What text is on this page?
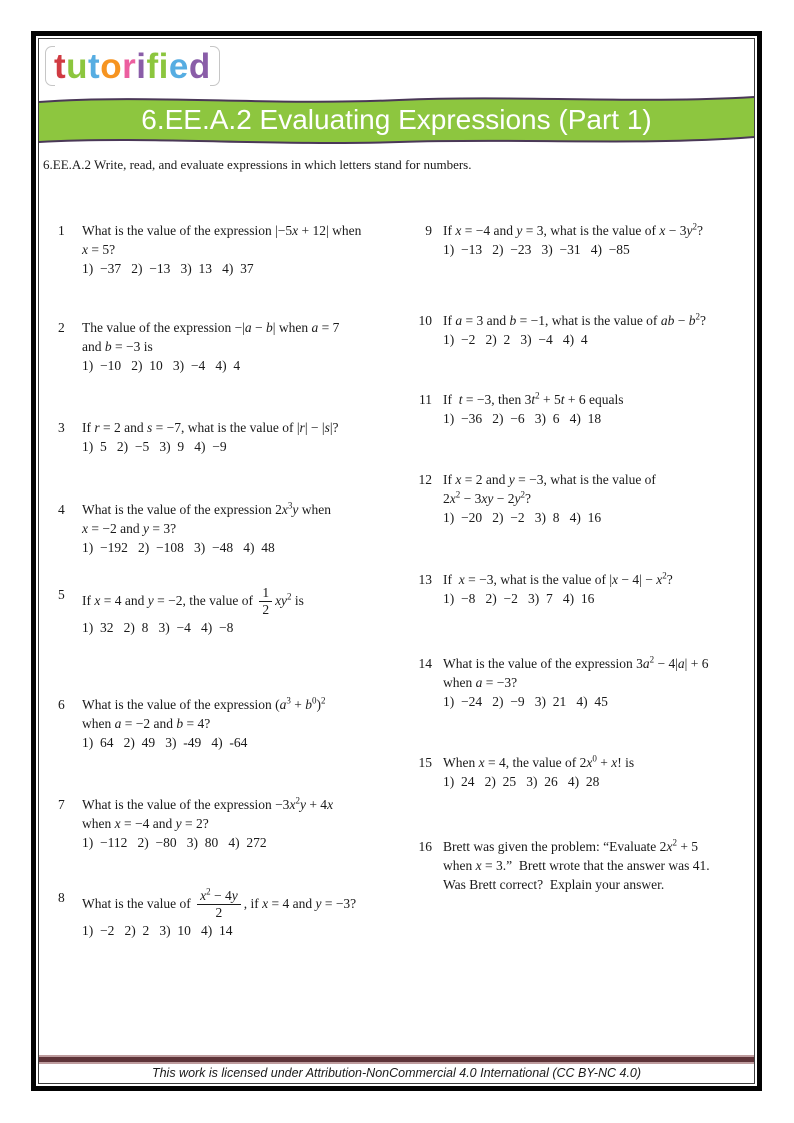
tutorified
6.EE.A.2 Evaluating Expressions (Part 1)
6.EE.A.2 Write, read, and evaluate expressions in which letters stand for numbers.
1	What is the value of the expression |−5x + 12| when
x = 5?
1)  −37   2)  −13   3)  13   4)  37
2	The value of the expression −|a − b| when a = 7
and b = −3 is
1)  −10   2)  10   3)  −4   4)  4
3	If r = 2 and s = −7, what is the value of |r| − |s|?
1)  5   2)  −5   3)  9   4)  −9
4	What is the value of the expression $2x^3y$ when
x = −2 and y = 3?
1)  −192   2)  −108   3)  −48   4)  48
5	If x = 4 and y = −2, the value of $\frac{1}{2} xy^2$ is
1)  32   2)  8   3)  −4   4)  −8
6	What is the value of the expression $(a^3 + b^0)^2$
when a = −2 and b = 4?
1)  64   2)  49   3)  -49   4)  -64
7	What is the value of the expression $-3x^2y + 4x$
when x = −4 and y = 2?
1)  −112   2)  −80   3)  80   4)  272
8	What is the value of $\frac{x^2 - 4y}{2}$ , if x = 4 and y = −3?
1)  −2   2)  2   3)  10   4)  14
9 If x = −4 and y = 3, what is the value of $x - 3y^2$?
1)  −13   2)  −23   3)  −31   4)  −85
10 If a = 3 and b = −1, what is the value of ab − $b^2$?
1)  −2   2)  2   3)  −4   4)  4
11 If  t = −3, then $3t^2 + 5t + 6$ equals
1)  −36   2)  −6   3)  6   4)  18
12 If x = 2 and y = −3, what is the value of
$2x^2 - 3xy - 2y^2$?
1)  −20   2)  −2   3)  8   4)  16
13 If  x = −3, what is the value of $|x - 4| - x^2$?
1)  −8   2)  −2   3)  7   4)  16
14 What is the value of the expression $3a^2 - 4|a| + 6$
when a = −3?
1)  −24   2)  −9   3)  21   4)  45
15 When x = 4, the value of $2x^0 + x$! is
1)  24   2)  25   3)  26   4)  28
16 Brett was given the problem: “Evaluate $2x^2 + 5$
when x = 3.”  Brett wrote that the answer was 41.
Was Brett correct?  Explain your answer.
This work is licensed under Attribution-NonCommercial 4.0 International (CC BY-NC 4.0)
